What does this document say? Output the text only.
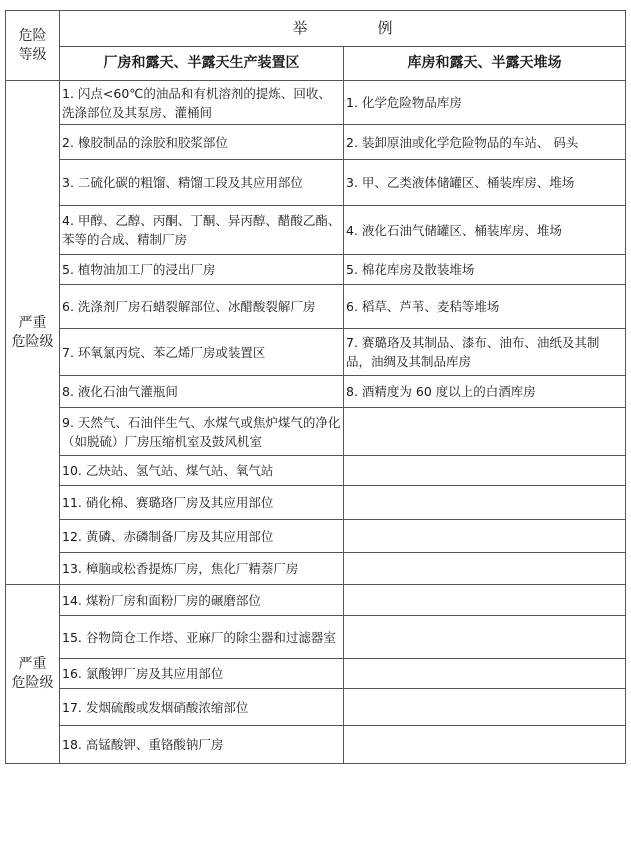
危险
等级	举 例	
	厂房和露天、半露天生产装置区	库房和露天、半露天堆场
严重
危险级	1. 闪点<60℃的油品和有机溶剂的提炼、回收、洗涤部位及其泵房、灌桶间	1. 化学危险物品库房
	2. 橡胶制品的涂胶和胶浆部位	2. 装卸原油或化学危险物品的车站、 码头
	3. 二硫化碳的粗馏、精馏工段及其应用部位	3. 甲、乙类液体储罐区、桶装库房、堆场
	4. 甲醇、乙醇、丙酮、丁酮、异丙醇、醋酸乙酯、苯等的合成、精制厂房	4. 液化石油气储罐区、桶装库房、堆场
	5. 植物油加工厂的浸出厂房	5. 棉花库房及散装堆场
	6. 洗涤剂厂房石蜡裂解部位、冰醋酸裂解厂房	6. 稻草、芦苇、麦秸等堆场
	7. 环氧氯丙烷、苯乙烯厂房或装置区	7. 赛璐珞及其制品、漆布、油布、油纸及其制品，油绸及其制品库房
	8. 液化石油气灌瓶间	8. 酒精度为 60 度以上的白酒库房
	9. 天然气、石油伴生气、水煤气或焦炉煤气的净化（如脱硫）厂房压缩机室及鼓风机室	
	10. 乙炔站、氢气站、煤气站、氧气站	
	11. 硝化棉、赛璐珞厂房及其应用部位	
	12. 黄磷、赤磷制备厂房及其应用部位	
	13. 樟脑或松香提炼厂房，焦化厂精萘厂房	
严重
危险级	14. 煤粉厂房和面粉厂房的碾磨部位	
	15. 谷物筒仓工作塔、亚麻厂的除尘器和过滤器室	
	16. 氯酸钾厂房及其应用部位	
	17. 发烟硫酸或发烟硝酸浓缩部位	
	18. 高锰酸钾、重铬酸钠厂房	
